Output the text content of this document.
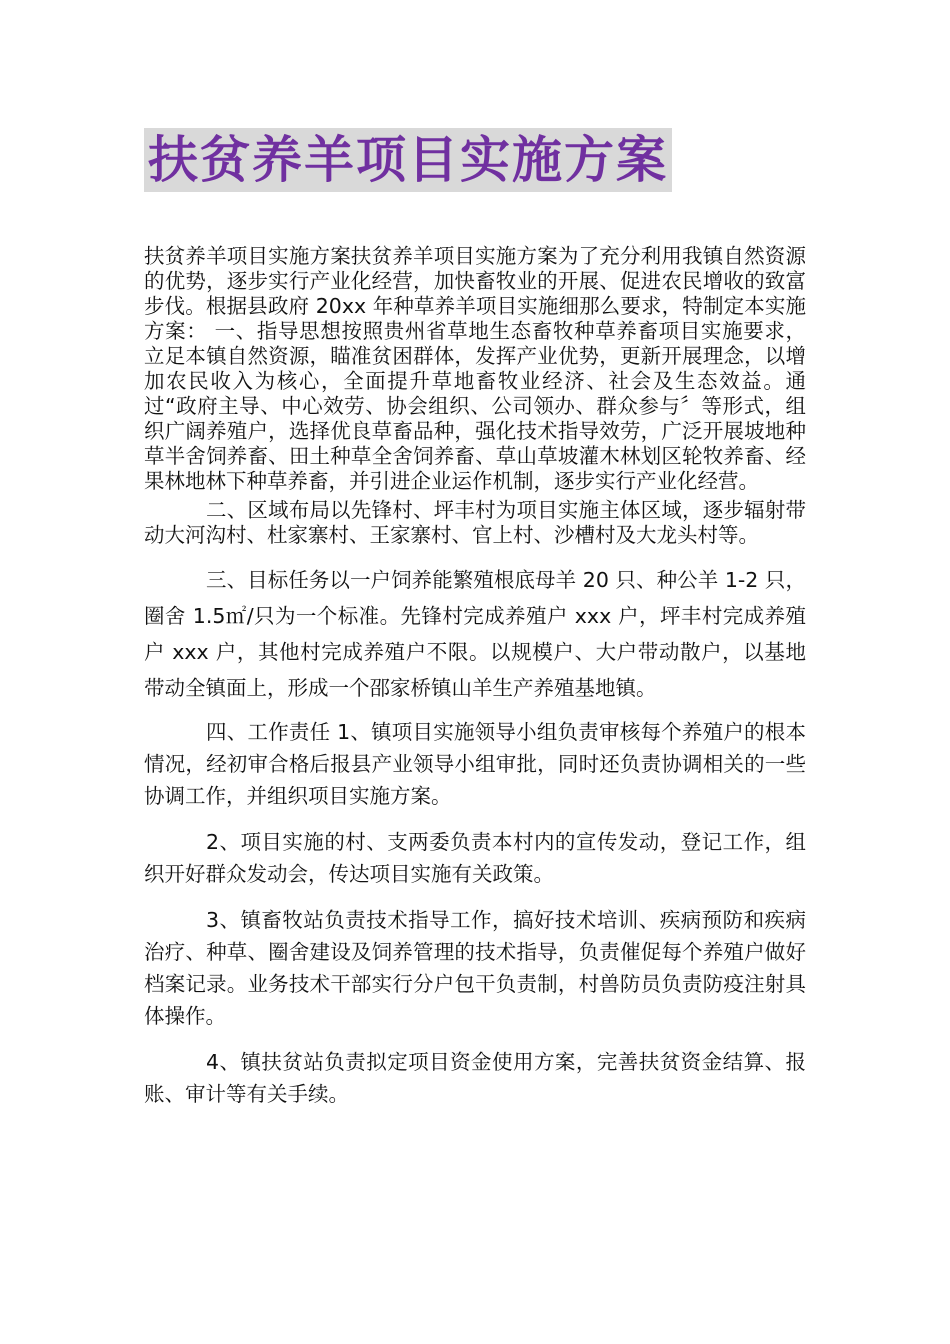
扶贫养羊项目实施方案

扶贫养羊项目实施方案扶贫养羊项目实施方案为了充分利用我镇自然资源的优势，逐步实行产业化经营，加快畜牧业的开展、促进农民增收的致富步伐。根据县政府 20xx 年种草养羊项目实施细那么要求，特制定本实施方案： 一、指导思想按照贵州省草地生态畜牧种草养畜项目实施要求，立足本镇自然资源，瞄准贫困群体，发挥产业优势，更新开展理念，以增加农民收入为核心，全面提升草地畜牧业经济、社会及生态效益。通过“政府主导、中心效劳、协会组织、公司领办、群众参与〞等形式，组织广阔养殖户，选择优良草畜品种，强化技术指导效劳，广泛开展坡地种草半舍饲养畜、田土种草全舍饲养畜、草山草坡灌木林划区轮牧养畜、经果林地林下种草养畜，并引进企业运作机制，逐步实行产业化经营。

二、区域布局以先锋村、坪丰村为项目实施主体区域，逐步辐射带动大河沟村、杜家寨村、王家寨村、官上村、沙槽村及大龙头村等。

三、目标任务以一户饲养能繁殖根底母羊 20 只、种公羊 1-2 只，圈舍 1.5㎡/只为一个标准。先锋村完成养殖户 xxx 户，坪丰村完成养殖户 xxx 户，其他村完成养殖户不限。以规模户、大户带动散户，以基地带动全镇面上，形成一个邵家桥镇山羊生产养殖基地镇。

四、工作责任 1、镇项目实施领导小组负责审核每个养殖户的根本情况，经初审合格后报县产业领导小组审批，同时还负责协调相关的一些协调工作，并组织项目实施方案。

2、项目实施的村、支两委负责本村内的宣传发动，登记工作，组织开好群众发动会，传达项目实施有关政策。

3、镇畜牧站负责技术指导工作，搞好技术培训、疾病预防和疾病治疗、种草、圈舍建设及饲养管理的技术指导，负责催促每个养殖户做好档案记录。业务技术干部实行分户包干负责制，村兽防员负责防疫注射具体操作。

4、镇扶贫站负责拟定项目资金使用方案，完善扶贫资金结算、报账、审计等有关手续。
